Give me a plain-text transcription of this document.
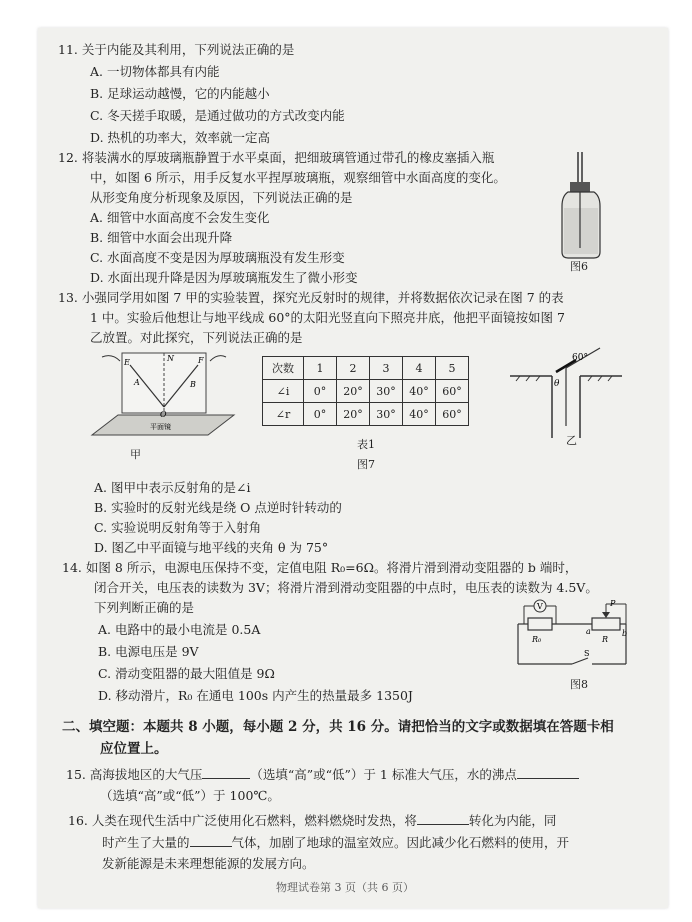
11. 关于内能及其利用，下列说法正确的是
A. 一切物体都具有内能
B. 足球运动越慢，它的内能越小
C. 冬天搓手取暖，是通过做功的方式改变内能
D. 热机的功率大，效率就一定高
12. 将装满水的厚玻璃瓶静置于水平桌面，把细玻璃管通过带孔的橡皮塞插入瓶
中，如图 6 所示，用手反复水平捏厚玻璃瓶，观察细管中水面高度的变化。
从形变角度分析现象及原因，下列说法正确的是
A. 细管中水面高度不会发生变化
B. 细管中水面会出现升降
C. 水面高度不变是因为厚玻璃瓶没有发生形变
D. 水面出现升降是因为厚玻璃瓶发生了微小形变
图6
13. 小强同学用如图 7 甲的实验装置，探究光反射时的规律，并将数据依次记录在图 7 的表
1 中。实验后他想让与地平线成 60°的太阳光竖直向下照亮井底，他把平面镜按如图 7
乙放置。对此探究，下列说法正确的是
E	N	F
A
O
B
平面镜
甲
次数	1	2	3	4	5
∠i	0°	20°	30°	40°	60°
∠r	0°	20°	30°	40°	60°
表1
图7
60°
θ
乙
A. 图甲中表示反射角的是∠i
B. 实验时的反射光线是绕 O 点逆时针转动的
C. 实验说明反射角等于入射角
D. 图乙中平面镜与地平线的夹角 θ 为 75°
14. 如图 8 所示，电源电压保持不变，定值电阻 R₀=6Ω。将滑片滑到滑动变阻器的 b 端时，
闭合开关，电压表的读数为 3V；将滑片滑到滑动变阻器的中点时，电压表的读数为 4.5V。
下列判断正确的是
A. 电路中的最小电流是 0.5A
B. 电源电压是 9V
C. 滑动变阻器的最大阻值是 9Ω
D. 移动滑片，R₀ 在通电 100s 内产生的热量最多 1350J
V
R₀	R
P
a	b
S
图8
二、填空题：本题共 8 小题，每小题 2 分，共 16 分。请把恰当的文字或数据填在答题卡相
应位置上。
15. 高海拔地区的大气压	（选填“高”或“低”）于 1 标准大气压，水的沸点
（选填“高”或“低”）于 100℃。
16. 人类在现代生活中广泛使用化石燃料，燃料燃烧时发热，将	转化为内能，同
时产生了大量的	气体，加剧了地球的温室效应。因此减少化石燃料的使用，开
发新能源是未来理想能源的发展方向。
物理试卷第 3 页（共 6 页）
